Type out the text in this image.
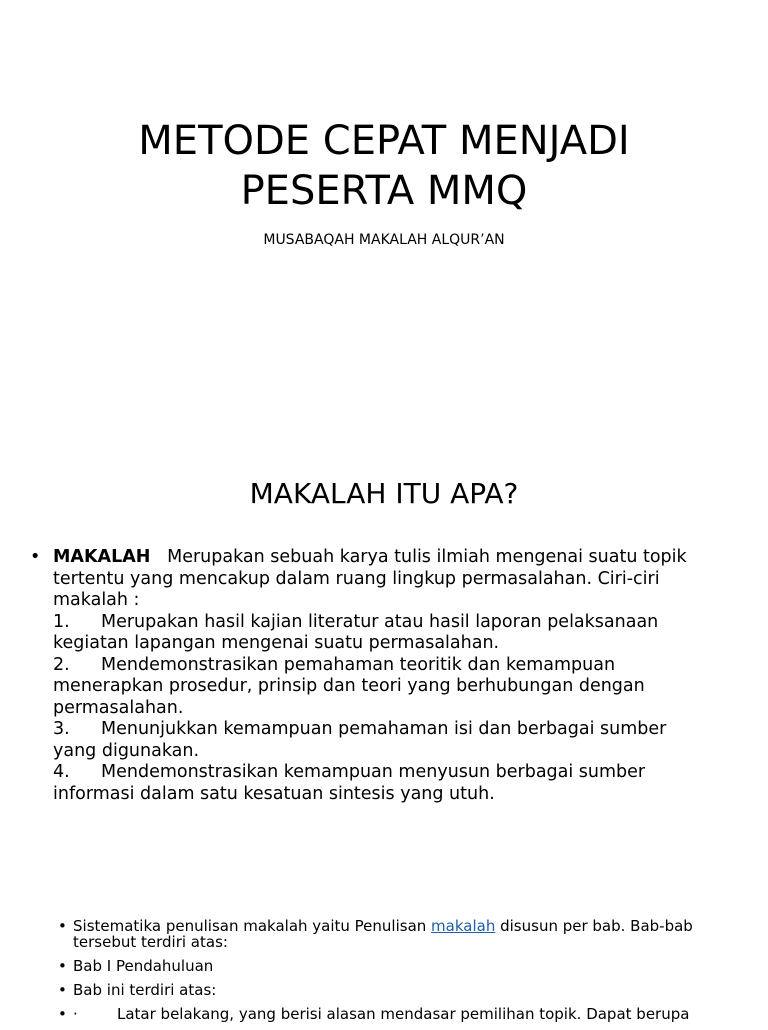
METODE CEPAT MENJADI
PESERTA MMQ
MUSABAQAH MAKALAH ALQUR’AN
MAKALAH ITU APA?
• MAKALAH   Merupakan sebuah karya tulis ilmiah mengenai suatu topik
tertentu yang mencakup dalam ruang lingkup permasalahan. Ciri-ciri
makalah :
1. Merupakan hasil kajian literatur atau hasil laporan pelaksanaan
kegiatan lapangan mengenai suatu permasalahan.
2. Mendemonstrasikan pemahaman teoritik dan kemampuan
menerapkan prosedur, prinsip dan teori yang berhubungan dengan
permasalahan.
3. Menunjukkan kemampuan pemahaman isi dan berbagai sumber
yang digunakan.
4. Mendemonstrasikan kemampuan menyusun berbagai sumber
informasi dalam satu kesatuan sintesis yang utuh.
• Sistematika penulisan makalah yaitu Penulisan makalah disusun per bab. Bab-bab
tersebut terdiri atas:
• Bab I Pendahuluan
• Bab ini terdiri atas:
• ·	Latar belakang, yang berisi alasan mendasar pemilihan topik. Dapat berupa
